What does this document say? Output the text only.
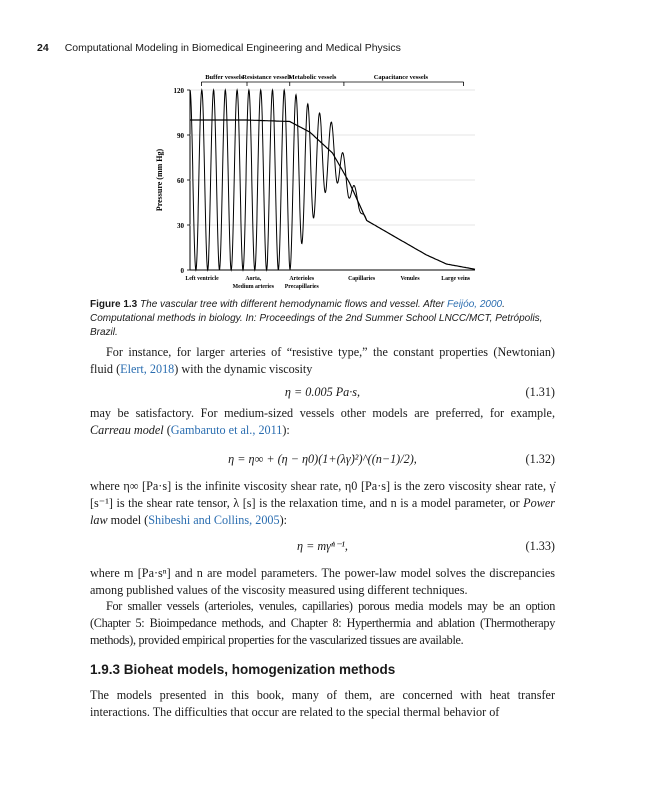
24 Computational Modeling in Biomedical Engineering and Medical Physics
Buffer vessels Resistance vessels
Metabolic vessels	Capacitance vessels
120
90
60
30
0
Pressure (mm Hg)
Left ventricle	Aorta,
Medium arteries
Arterioles
Precapillaries
Capillaries	Venules	Large veins
Figure 1.3 The vascular tree with different hemodynamic flows and vessel. After Feijóo, 2000. Computational methods in biology. In: Proceedings of the 2nd Summer School LNCC/MCT, Petrópolis, Brazil.
For instance, for larger arteries of “resistive type,” the constant properties (Newtonian) fluid (Elert, 2018) with the dynamic viscosity
η = 0.005 Pa·s,	(1.31)
may be satisfactory. For medium-sized vessels other models are preferred, for example, Carreau model (Gambaruto et al., 2011):
η = η∞ + (η − η0)(1+(λγ̇)²)^((n−1)/2),	(1.32)
where η∞ [Pa·s] is the infinite viscosity shear rate, η0 [Pa·s] is the zero viscosity shear rate, γ̇ [s⁻¹] is the shear rate tensor, λ [s] is the relaxation time, and n is a model parameter, or Power law model (Shibeshi and Collins, 2005):
η = mγ̇ⁿ⁻¹,	(1.33)
where m [Pa·sⁿ] and n are model parameters. The power-law model solves the discrepancies among published values of the viscosity measured using different techniques.
For smaller vessels (arterioles, venules, capillaries) porous media models may be an option (Chapter 5: Bioimpedance methods, and Chapter 8: Hyperthermia and ablation (Thermotherapy methods), provided empirical properties for the vascularized tissues are available.
1.9.3 Bioheat models, homogenization methods
The models presented in this book, many of them, are concerned with heat transfer interactions. The difficulties that occur are related to the special thermal behavior of
